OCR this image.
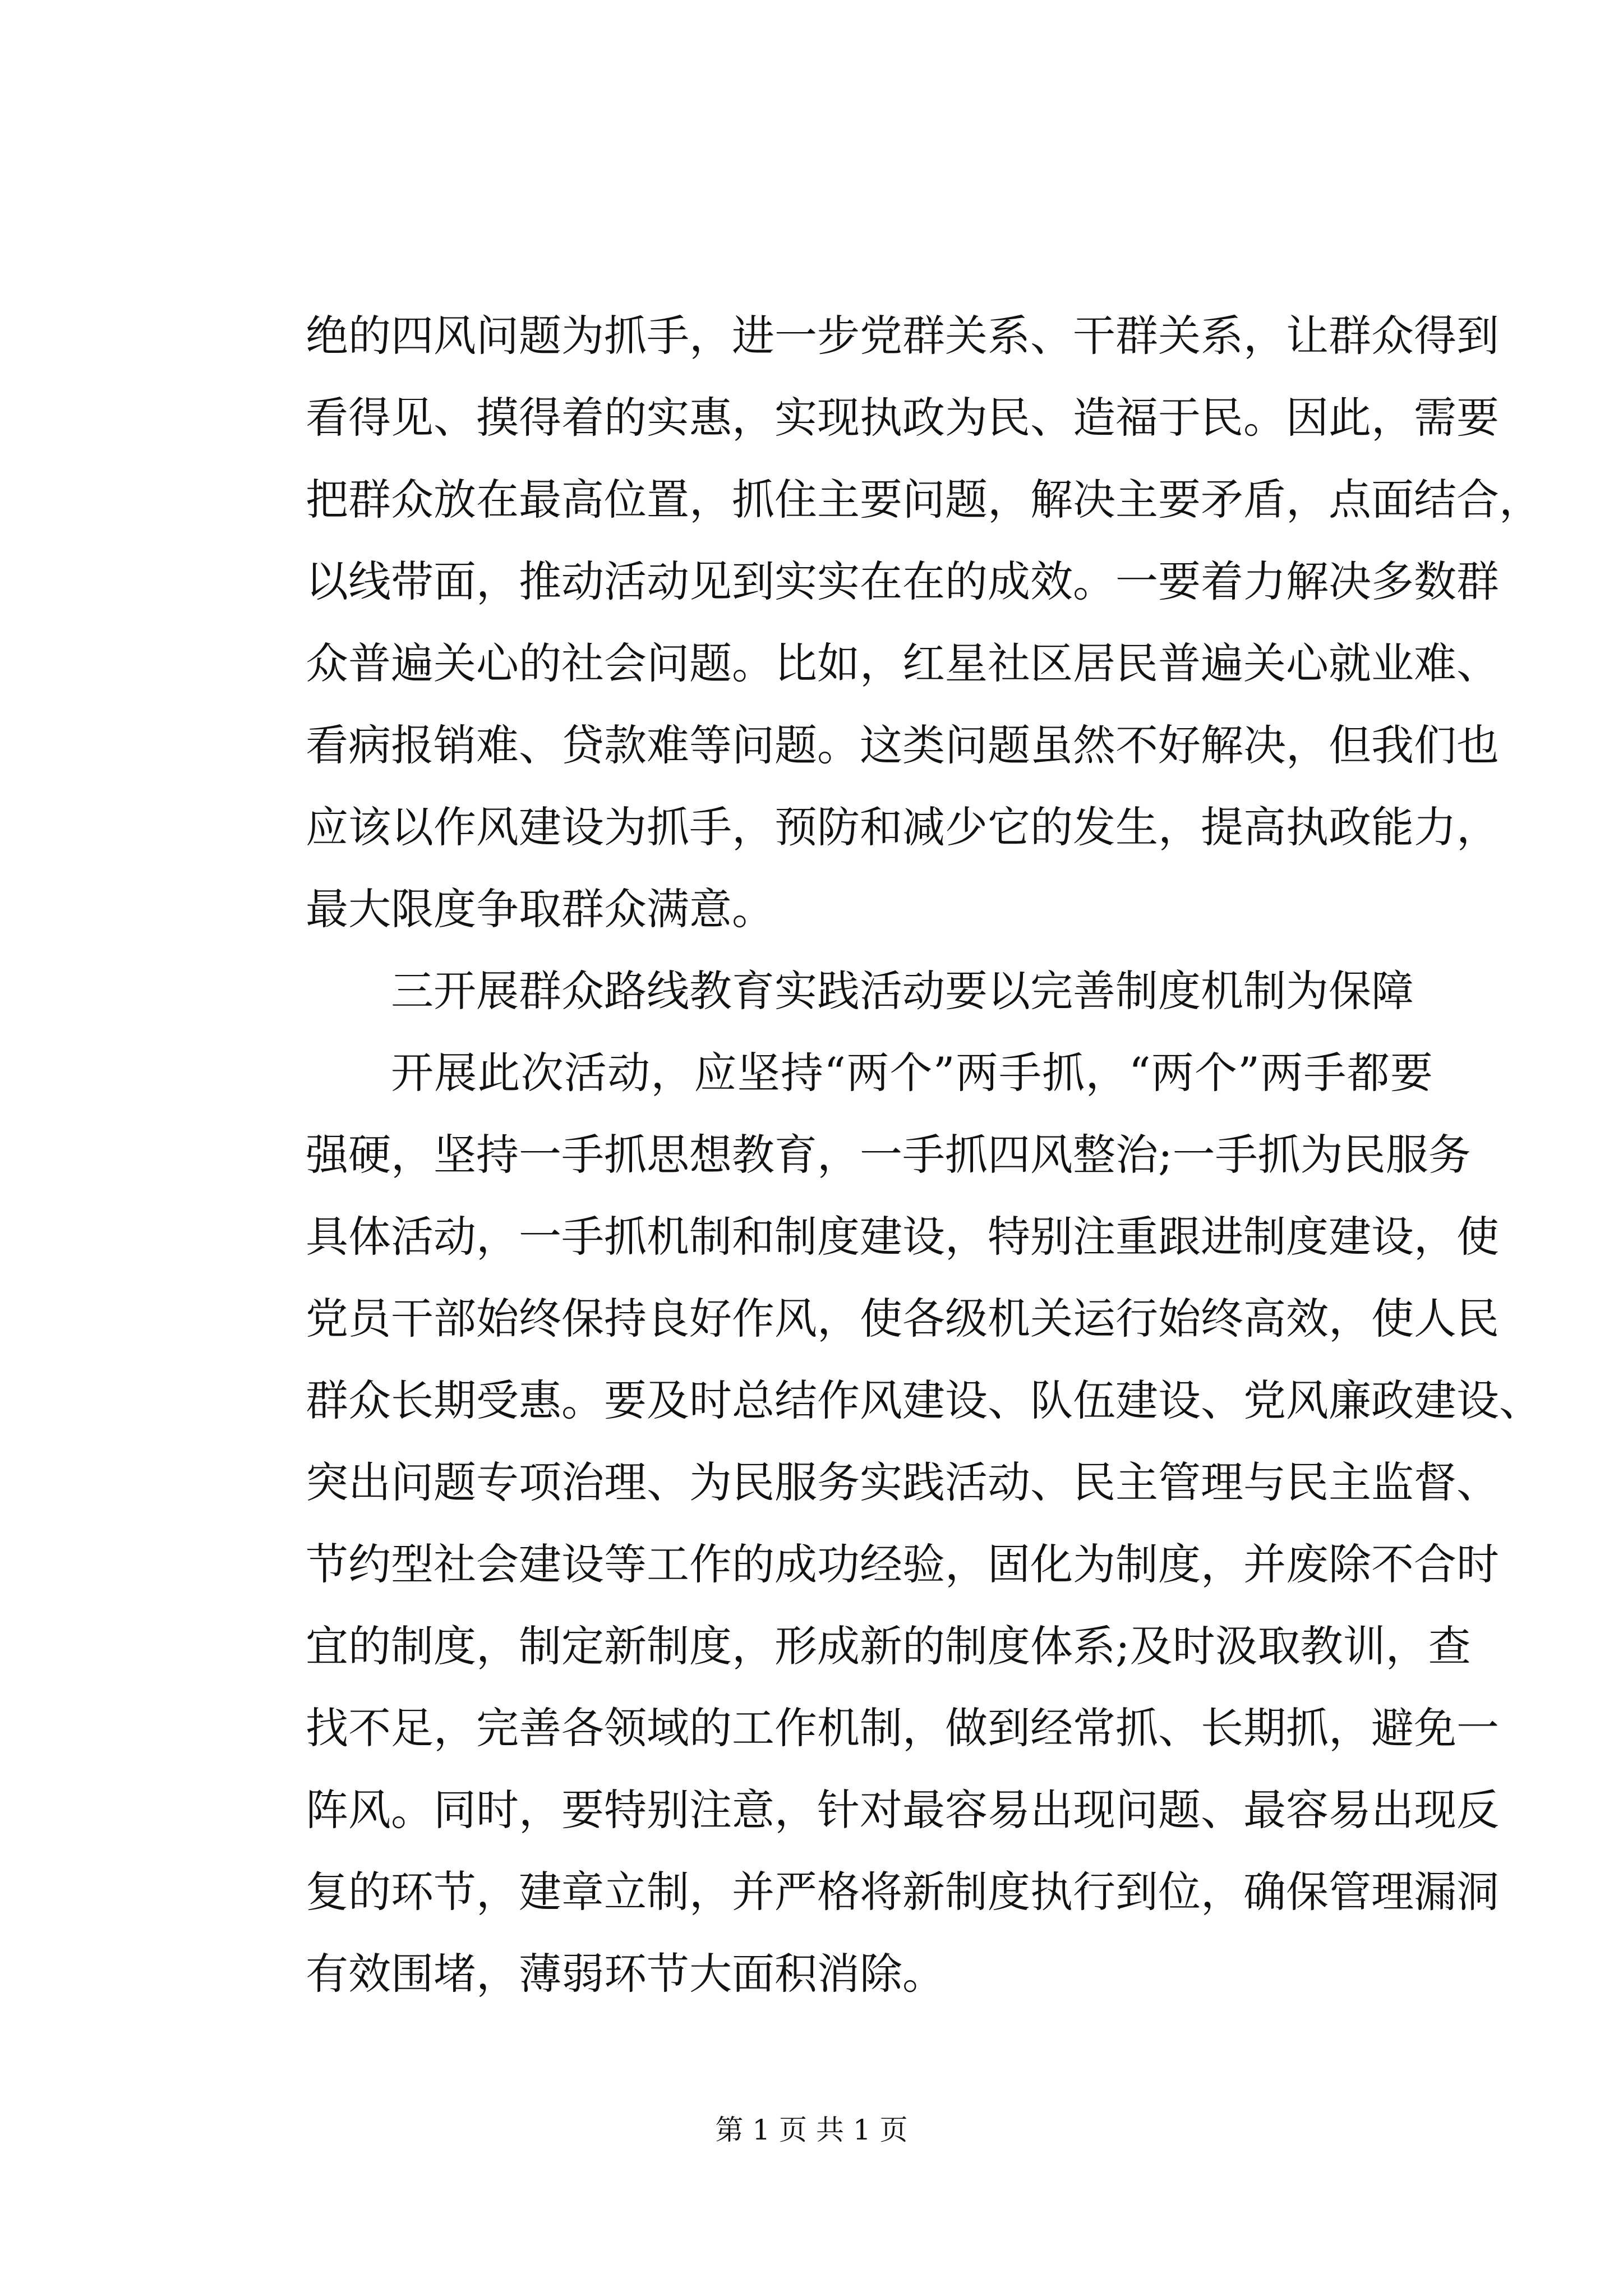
绝的四风问题为抓手，进一步党群关系、干群关系，让群众得到
看得见、摸得着的实惠，实现执政为民、造福于民。因此，需要
把群众放在最高位置，抓住主要问题，解决主要矛盾，点面结合，
以线带面，推动活动见到实实在在的成效。一要着力解决多数群
众普遍关心的社会问题。比如，红星社区居民普遍关心就业难、
看病报销难、贷款难等问题。这类问题虽然不好解决，但我们也
应该以作风建设为抓手，预防和减少它的发生，提高执政能力，
最大限度争取群众满意。
三开展群众路线教育实践活动要以完善制度机制为保障
开展此次活动，应坚持“两个”两手抓，“两个”两手都要
强硬，坚持一手抓思想教育，一手抓四风整治;一手抓为民服务
具体活动，一手抓机制和制度建设，特别注重跟进制度建设，使
党员干部始终保持良好作风，使各级机关运行始终高效，使人民
群众长期受惠。要及时总结作风建设、队伍建设、党风廉政建设、
突出问题专项治理、为民服务实践活动、民主管理与民主监督、
节约型社会建设等工作的成功经验，固化为制度，并废除不合时
宜的制度，制定新制度，形成新的制度体系;及时汲取教训，查
找不足，完善各领域的工作机制，做到经常抓、长期抓，避免一
阵风。同时，要特别注意，针对最容易出现问题、最容易出现反
复的环节，建章立制，并严格将新制度执行到位，确保管理漏洞
有效围堵，薄弱环节大面积消除。
第 1 页 共 1 页
